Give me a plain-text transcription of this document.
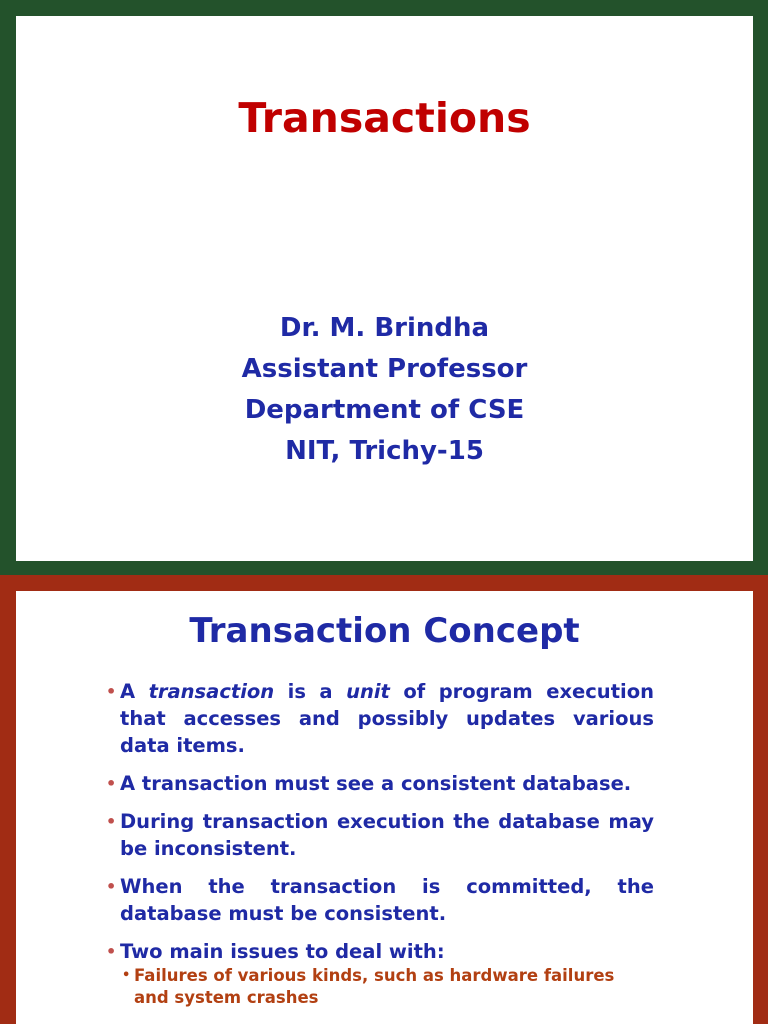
Transactions
Dr. M. Brindha
Assistant Professor
Department of CSE
NIT, Trichy-15
Transaction Concept
• A transaction is a unit of program execution that accesses and possibly updates various data items.
• A transaction must see a consistent database.
• During transaction execution the database may be inconsistent.
• When the transaction is committed, the database must be consistent.
• Two main issues to deal with:
• Failures of various kinds, such as hardware failures and system crashes
